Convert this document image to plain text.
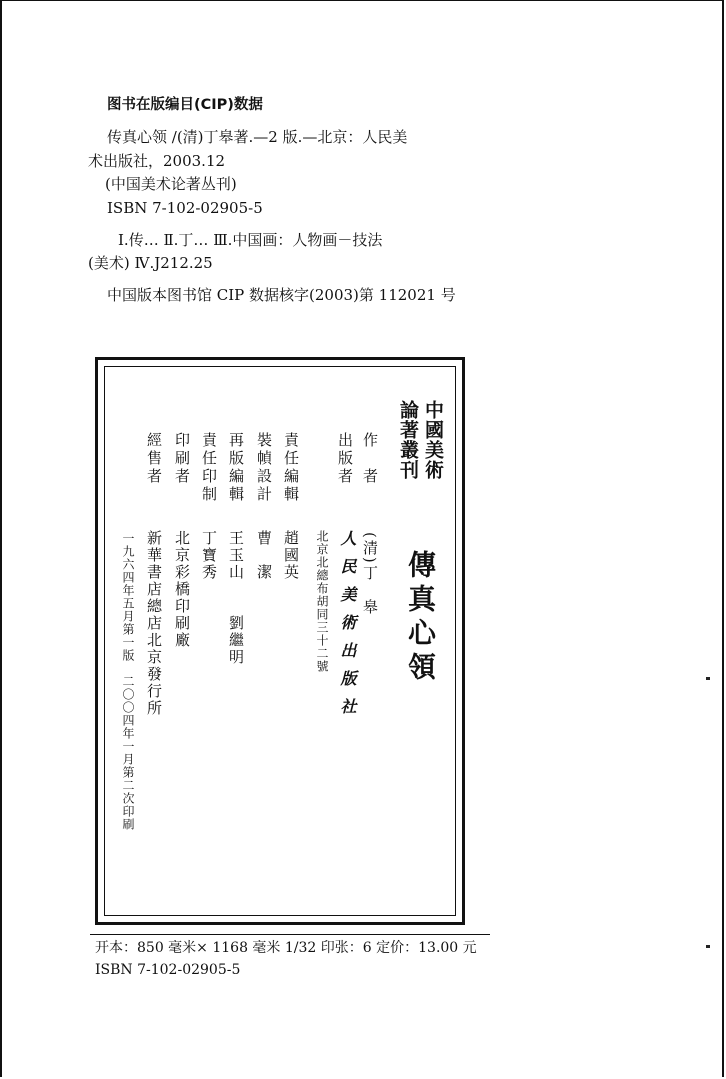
图书在版编目(CIP)数据
传真心领 /(清)丁皋著.—2 版.—北京：人民美
术出版社，2003.12
(中国美术论著丛刊)
ISBN 7-102-02905-5
Ⅰ.传… Ⅱ.丁… Ⅲ.中国画：人物画－技法
(美术) Ⅳ.J212.25
中国版本图书馆 CIP 数据核字(2003)第 112021 号
中國美術
論著叢刊
傳真心領
作　者
出版者
責任編輯
裝幀設計
再版編輯
責任印制
印刷者
經售者
(清)丁　皋
人民美術出版社
北京北總布胡同三十二號
趙國英
曹　潔
王玉山　　劉繼明
丁寶秀
北京彩橋印刷廠
新華書店總店北京發行所
一九六四年五月第一版　二〇〇四年一月第二次印刷
开本：850 毫米× 1168 毫米 1/32 印张：6 定价：13.00 元
ISBN 7-102-02905-5
